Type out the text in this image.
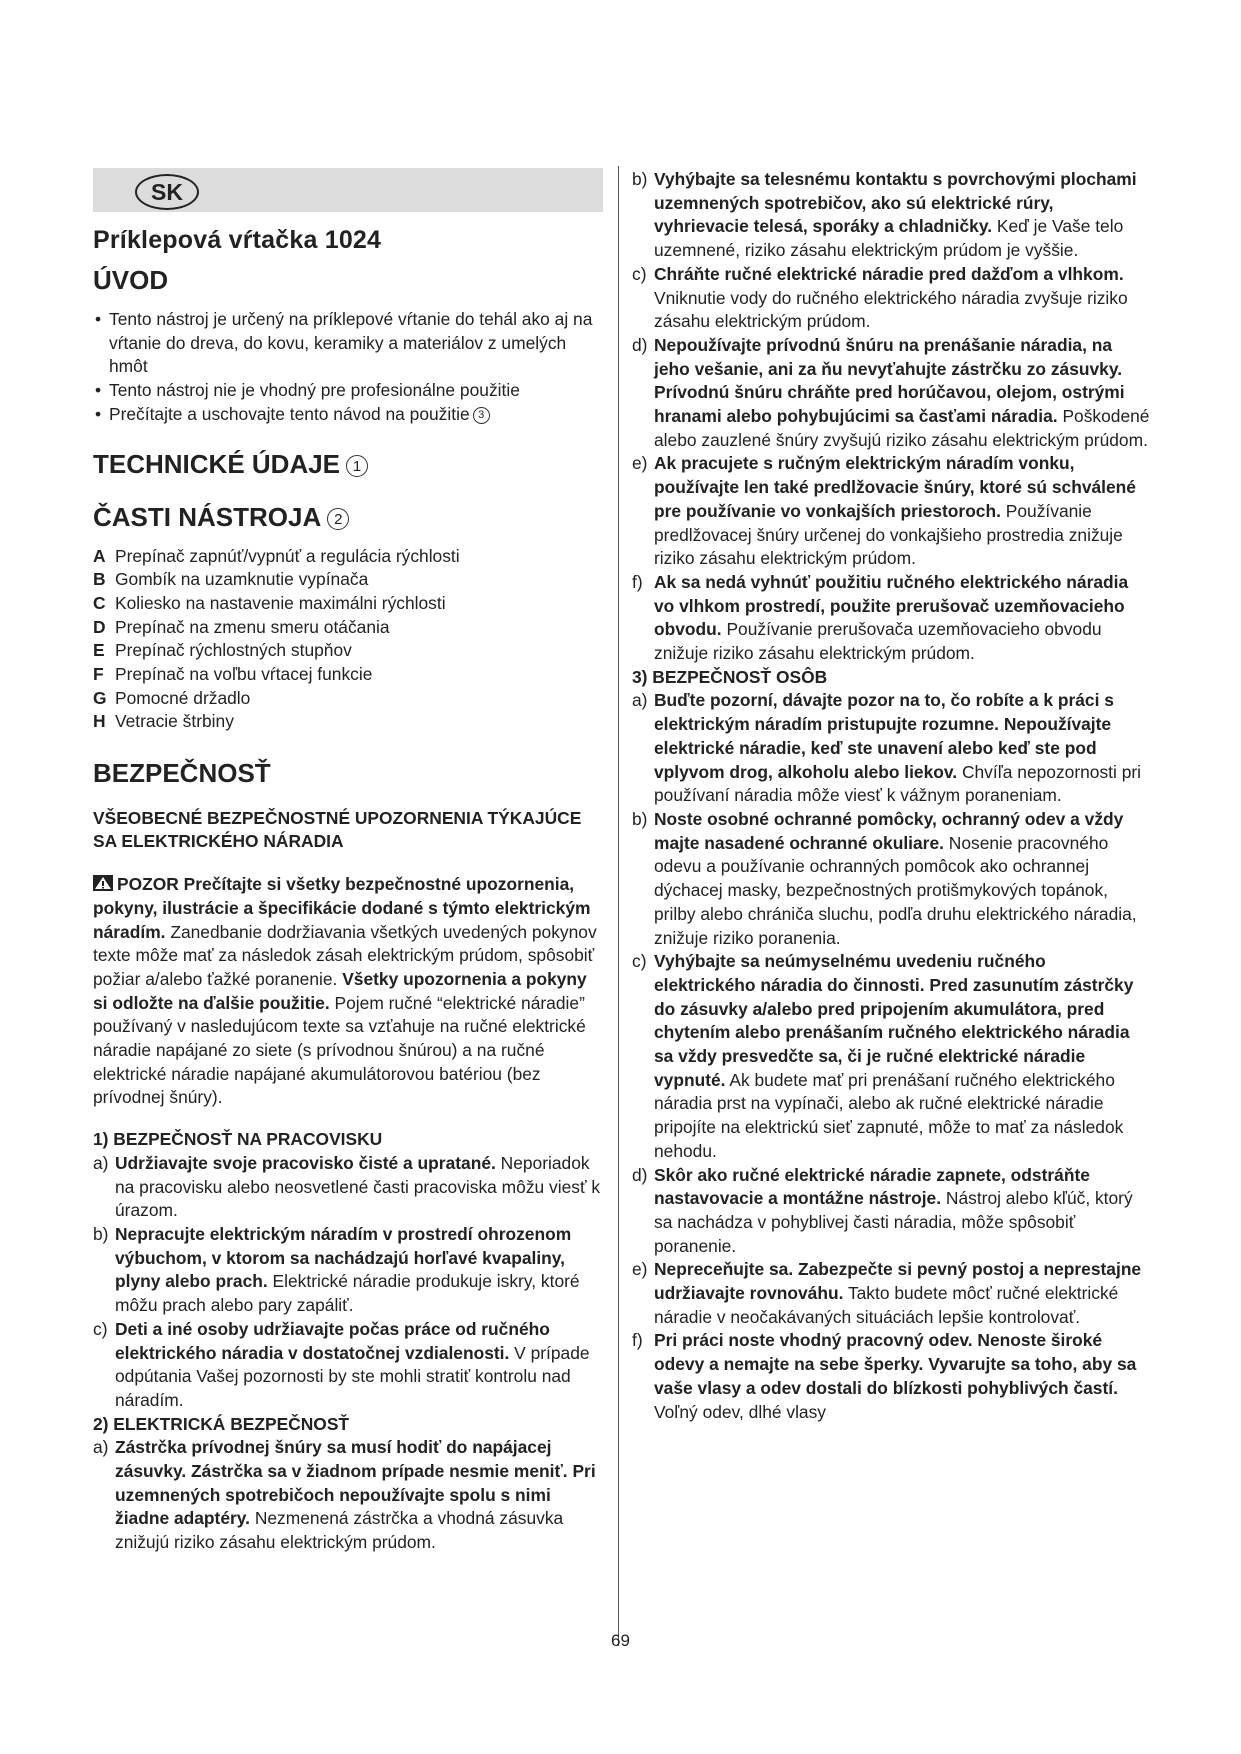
SK
Príklepová vŕtačka 1024
ÚVOD
• Tento nástroj je určený na príklepové vŕtanie do tehál ako aj na vŕtanie do dreva, do kovu, keramiky a materiálov z umelých hmôt
• Tento nástroj nie je vhodný pre profesionálne použitie
• Prečítajte a uschovajte tento návod na použitie 3
TECHNICKÉ ÚDAJE 1
ČASTI NÁSTROJA 2
A Prepínač zapnúť/vypnúť a regulácia rýchlosti
B Gombík na uzamknutie vypínača
C Koliesko na nastavenie maximálni rýchlosti
D Prepínač na zmenu smeru otáčania
E Prepínač rýchlostných stupňov
F Prepínač na voľbu vŕtacej funkcie
G Pomocné držadlo
H Vetracie štrbiny
BEZPEČNOSŤ
VŠEOBECNÉ BEZPEČNOSTNÉ UPOZORNENIA TÝKAJÚCE SA ELEKTRICKÉHO NÁRADIA

POZOR Prečítajte si všetky bezpečnostné upozornenia, pokyny, ilustrácie a špecifikácie dodané s týmto elektrickým náradím. Zanedbanie dodržiavania všetkých uvedených pokynov texte môže mať za následok zásah elektrickým prúdom, spôsobiť požiar a/alebo ťažké poranenie. Všetky upozornenia a pokyny si odložte na ďalšie použitie. Pojem ručné “elektrické náradie” používaný v nasledujúcom texte sa vzťahuje na ručné elektrické náradie napájané zo siete (s prívodnou šnúrou) a na ručné elektrické náradie napájané akumulátorovou batériou (bez prívodnej šnúry).

1) BEZPEČNOSŤ NA PRACOVISKU
a) Udržiavajte svoje pracovisko čisté a upratané. Neporiadok na pracovisku alebo neosvetlené časti pracoviska môžu viesť k úrazom.
b) Nepracujte elektrickým náradím v prostredí ohrozenom výbuchom, v ktorom sa nachádzajú horľavé kvapaliny, plyny alebo prach. Elektrické náradie produkuje iskry, ktoré môžu prach alebo pary zapáliť.
c) Deti a iné osoby udržiavajte počas práce od ručného elektrického náradia v dostatočnej vzdialenosti. V prípade odpútania Vašej pozornosti by ste mohli stratiť kontrolu nad náradím.
2) ELEKTRICKÁ BEZPEČNOSŤ
a) Zástrčka prívodnej šnúry sa musí hodiť do napájacej zásuvky. Zástrčka sa v žiadnom prípade nesmie meniť. Pri uzemnených spotrebičoch nepoužívajte spolu s nimi žiadne adaptéry. Nezmenená zástrčka a vhodná zásuvka znižujú riziko zásahu elektrickým prúdom.
b) Vyhýbajte sa telesnému kontaktu s povrchovými plochami uzemnených spotrebičov, ako sú elektrické rúry, vyhrievacie telesá, sporáky a chladničky. Keď je Vaše telo uzemnené, riziko zásahu elektrickým prúdom je vyššie.
c) Chráňte ručné elektrické náradie pred dažďom a vlhkom. Vniknutie vody do ručného elektrického náradia zvyšuje riziko zásahu elektrickým prúdom.
d) Nepoužívajte prívodnú šnúru na prenášanie náradia, na jeho vešanie, ani za ňu nevyťahujte zástrčku zo zásuvky. Prívodnú šnúru chráňte pred horúčavou, olejom, ostrými hranami alebo pohybujúcimi sa časťami náradia. Poškodené alebo zauzlené šnúry zvyšujú riziko zásahu elektrickým prúdom.
e) Ak pracujete s ručným elektrickým náradím vonku, používajte len také predlžovacie šnúry, ktoré sú schválené pre používanie vo vonkajších priestoroch. Používanie predlžovacej šnúry určenej do vonkajšieho prostredia znižuje riziko zásahu elektrickým prúdom.
f) Ak sa nedá vyhnúť použitiu ručného elektrického náradia vo vlhkom prostredí, použite prerušovač uzemňovacieho obvodu. Používanie prerušovača uzemňovacieho obvodu znižuje riziko zásahu elektrickým prúdom.
3) BEZPEČNOSŤ OSÔB
a) Buďte pozorní, dávajte pozor na to, čo robíte a k práci s elektrickým náradím pristupujte rozumne. Nepoužívajte elektrické náradie, keď ste unavení alebo keď ste pod vplyvom drog, alkoholu alebo liekov. Chvíľa nepozornosti pri používaní náradia môže viesť k vážnym poraneniam.
b) Noste osobné ochranné pomôcky, ochranný odev a vždy majte nasadené ochranné okuliare. Nosenie pracovného odevu a používanie ochranných pomôcok ako ochrannej dýchacej masky, bezpečnostných protišmykových topánok, prilby alebo chrániča sluchu, podľa druhu elektrického náradia, znižuje riziko poranenia.
c) Vyhýbajte sa neúmyselnému uvedeniu ručného elektrického náradia do činnosti. Pred zasunutím zástrčky do zásuvky a/alebo pred pripojením akumulátora, pred chytením alebo prenášaním ručného elektrického náradia sa vždy presvedčte sa, či je ručné elektrické náradie vypnuté. Ak budete mať pri prenášaní ručného elektrického náradia prst na vypínači, alebo ak ručné elektrické náradie pripojíte na elektrickú sieť zapnuté, môže to mať za následok nehodu.
d) Skôr ako ručné elektrické náradie zapnete, odstráňte nastavovacie a montážne nástroje. Nástroj alebo kľúč, ktorý sa nachádza v pohyblivej časti náradia, môže spôsobiť poranenie.
e) Nepreceňujte sa. Zabezpečte si pevný postoj a neprestajne udržiavajte rovnováhu. Takto budete môcť ručné elektrické náradie v neočakávaných situáciách lepšie kontrolovať.
f) Pri práci noste vhodný pracovný odev. Nenoste široké odevy a nemajte na sebe šperky. Vyvarujte sa toho, aby sa vaše vlasy a odev dostali do blízkosti pohyblivých častí. Voľný odev, dlhé vlasy
69
